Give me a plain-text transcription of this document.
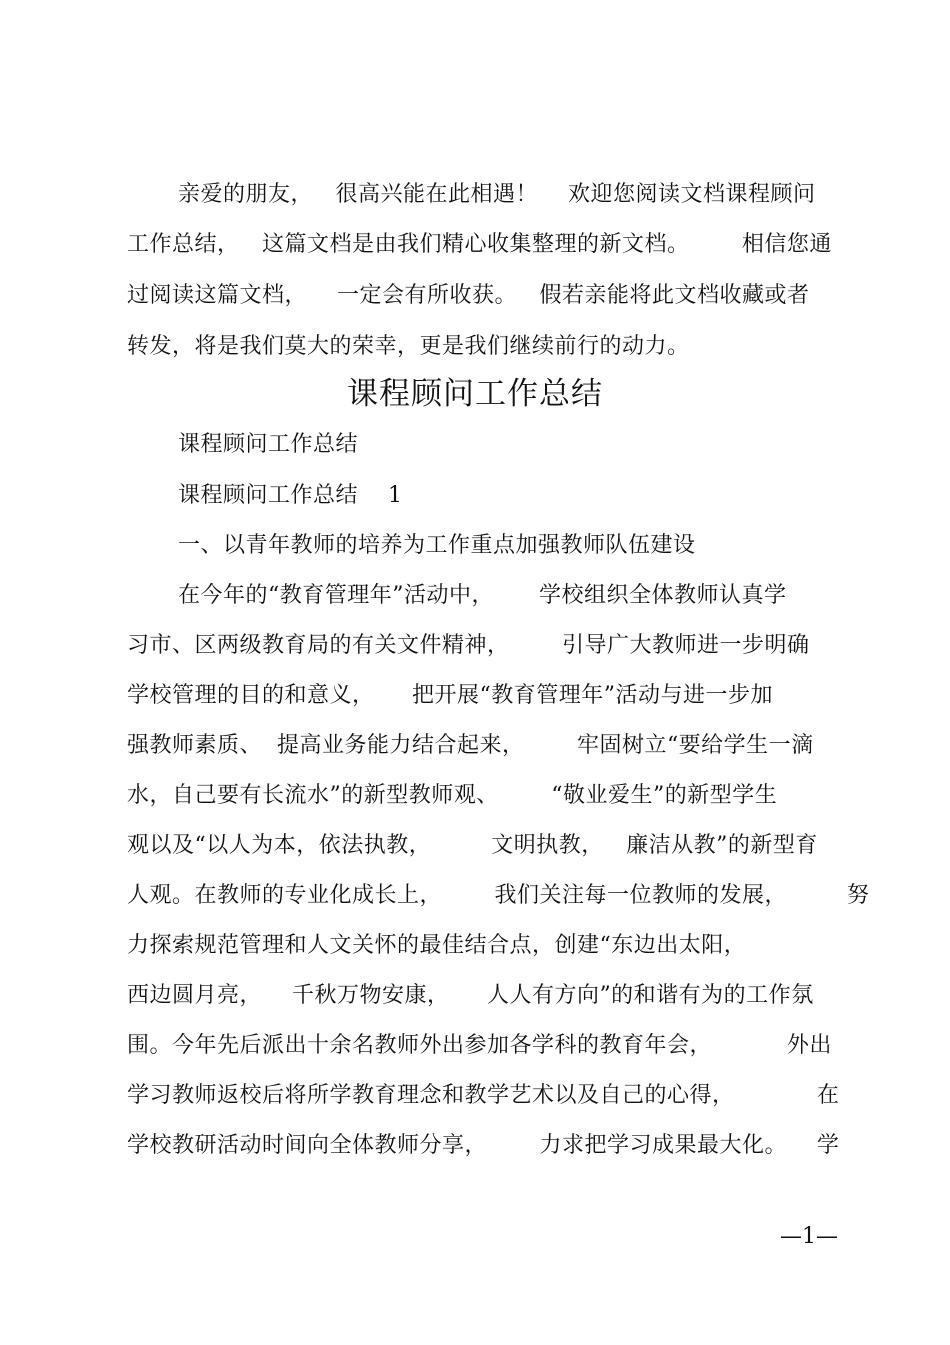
亲爱的朋友，   很高兴能在此相遇！    欢迎您阅读文档课程顾问
工作总结，   这篇文档是由我们精心收集整理的新文档。       相信您通
过阅读这篇文档，    一定会有所收获。   假若亲能将此文档收藏或者
转发，将是我们莫大的荣幸，更是我们继续前行的动力。
课程顾问工作总结
课程顾问工作总结
课程顾问工作总结    1
一、以青年教师的培养为工作重点加强教师队伍建设
在今年的“教育管理年”活动中，      学校组织全体教师认真学
习市、区两级教育局的有关文件精神，       引导广大教师进一步明确
学校管理的目的和意义，     把开展“教育管理年”活动与进一步加
强教师素质、  提高业务能力结合起来，       牢固树立“要给学生一滴
水，自己要有长流水”的新型教师观、       “敬业爱生”的新型学生
观以及“以人为本，依法执教，        文明执教，   廉洁从教”的新型育
人观。在教师的专业化成长上，       我们关注每一位教师的发展，        努
力探索规范管理和人文关怀的最佳结合点，创建“东边出太阳，
西边圆月亮，    千秋万物安康，     人人有方向”的和谐有为的工作氛
围。今年先后派出十余名教师外出参加各学科的教育年会，          外出
学习教师返校后将所学教育理念和教学艺术以及自己的心得，           在
学校教研活动时间向全体教师分享，       力求把学习成果最大化。    学
—1—
